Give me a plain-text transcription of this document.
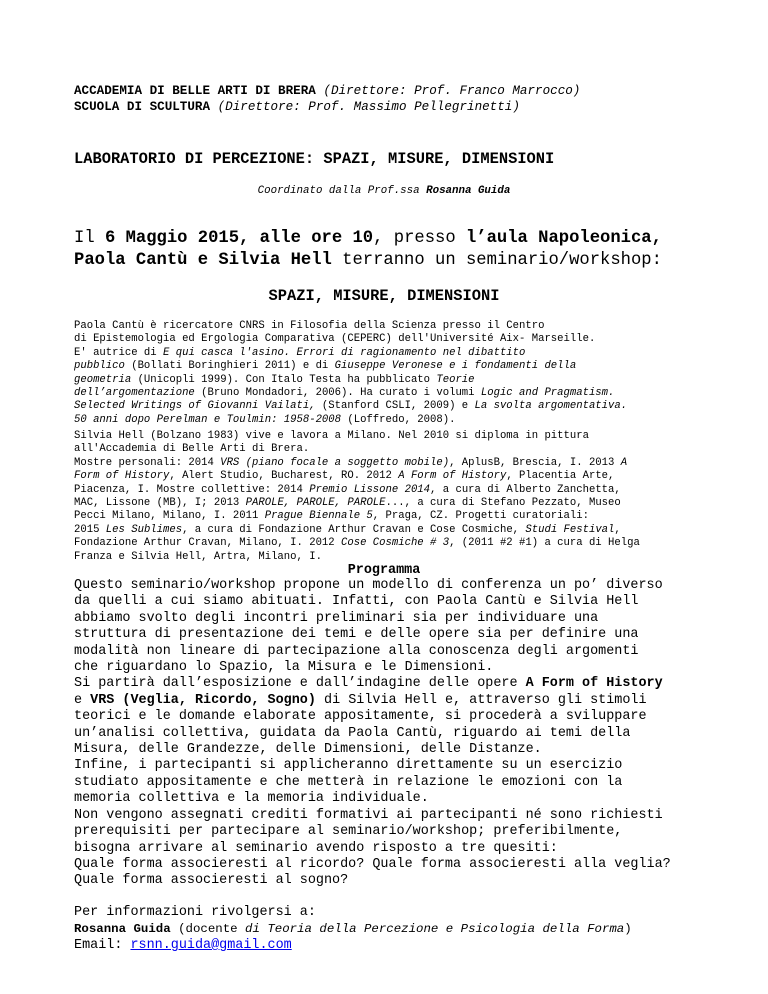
ACCADEMIA DI BELLE ARTI DI BRERA (Direttore: Prof. Franco Marrocco)
SCUOLA DI SCULTURA (Direttore: Prof. Massimo Pellegrinetti)
LABORATORIO DI PERCEZIONE: SPAZI, MISURE, DIMENSIONI
Coordinato dalla Prof.ssa Rosanna Guida
Il 6 Maggio 2015, alle ore 10, presso l’aula Napoleonica,
Paola Cantù e Silvia Hell terranno un seminario/workshop:
SPAZI, MISURE, DIMENSIONI
Paola Cantù è ricercatore CNRS in Filosofia della Scienza presso il Centro
di Epistemologia ed Ergologia Comparativa (CEPERC) dell'Université Aix- Marseille.
E' autrice di E qui casca l'asino. Errori di ragionamento nel dibattito
pubblico (Bollati Boringhieri 2011) e di Giuseppe Veronese e i fondamenti della
geometria (Unicopli 1999). Con Italo Testa ha pubblicato Teorie
dell’argomentazione (Bruno Mondadori, 2006). Ha curato i volumi Logic and Pragmatism.
Selected Writings of Giovanni Vailati, (Stanford CSLI, 2009) e La svolta argomentativa.
50 anni dopo Perelman e Toulmin: 1958-2008 (Loffredo, 2008).
Silvia Hell (Bolzano 1983) vive e lavora a Milano. Nel 2010 si diploma in pittura
all'Accademia di Belle Arti di Brera.
Mostre personali: 2014 VRS (piano focale a soggetto mobile), AplusB, Brescia, I. 2013 A
Form of History, Alert Studio, Bucharest, RO. 2012 A Form of History, Placentia Arte,
Piacenza, I. Mostre collettive: 2014 Premio Lissone 2014, a cura di Alberto Zanchetta,
MAC, Lissone (MB), I; 2013 PAROLE, PAROLE, PAROLE..., a cura di Stefano Pezzato, Museo
Pecci Milano, Milano, I. 2011 Prague Biennale 5, Praga, CZ. Progetti curatoriali:
2015 Les Sublimes, a cura di Fondazione Arthur Cravan e Cose Cosmiche, Studi Festival,
Fondazione Arthur Cravan, Milano, I. 2012 Cose Cosmiche # 3, (2011 #2 #1) a cura di Helga
Franza e Silvia Hell, Artra, Milano, I.
Programma
Questo seminario/workshop propone un modello di conferenza un po’ diverso
da quelli a cui siamo abituati. Infatti, con Paola Cantù e Silvia Hell
abbiamo svolto degli incontri preliminari sia per individuare una
struttura di presentazione dei temi e delle opere sia per definire una
modalità non lineare di partecipazione alla conoscenza degli argomenti
che riguardano lo Spazio, la Misura e le Dimensioni.
Si partirà dall’esposizione e dall’indagine delle opere A Form of History
e VRS (Veglia, Ricordo, Sogno) di Silvia Hell e, attraverso gli stimoli
teorici e le domande elaborate appositamente, si procederà a sviluppare
un’analisi collettiva, guidata da Paola Cantù, riguardo ai temi della
Misura, delle Grandezze, delle Dimensioni, delle Distanze.
Infine, i partecipanti si applicheranno direttamente su un esercizio
studiato appositamente e che metterà in relazione le emozioni con la
memoria collettiva e la memoria individuale.
Non vengono assegnati crediti formativi ai partecipanti né sono richiesti
prerequisiti per partecipare al seminario/workshop; preferibilmente,
bisogna arrivare al seminario avendo risposto a tre quesiti:
Quale forma associeresti al ricordo? Quale forma associeresti alla veglia?
Quale forma associeresti al sogno?
Per informazioni rivolgersi a:
Rosanna Guida (docente di Teoria della Percezione e Psicologia della Forma)
Email: rsnn.guida@gmail.com
